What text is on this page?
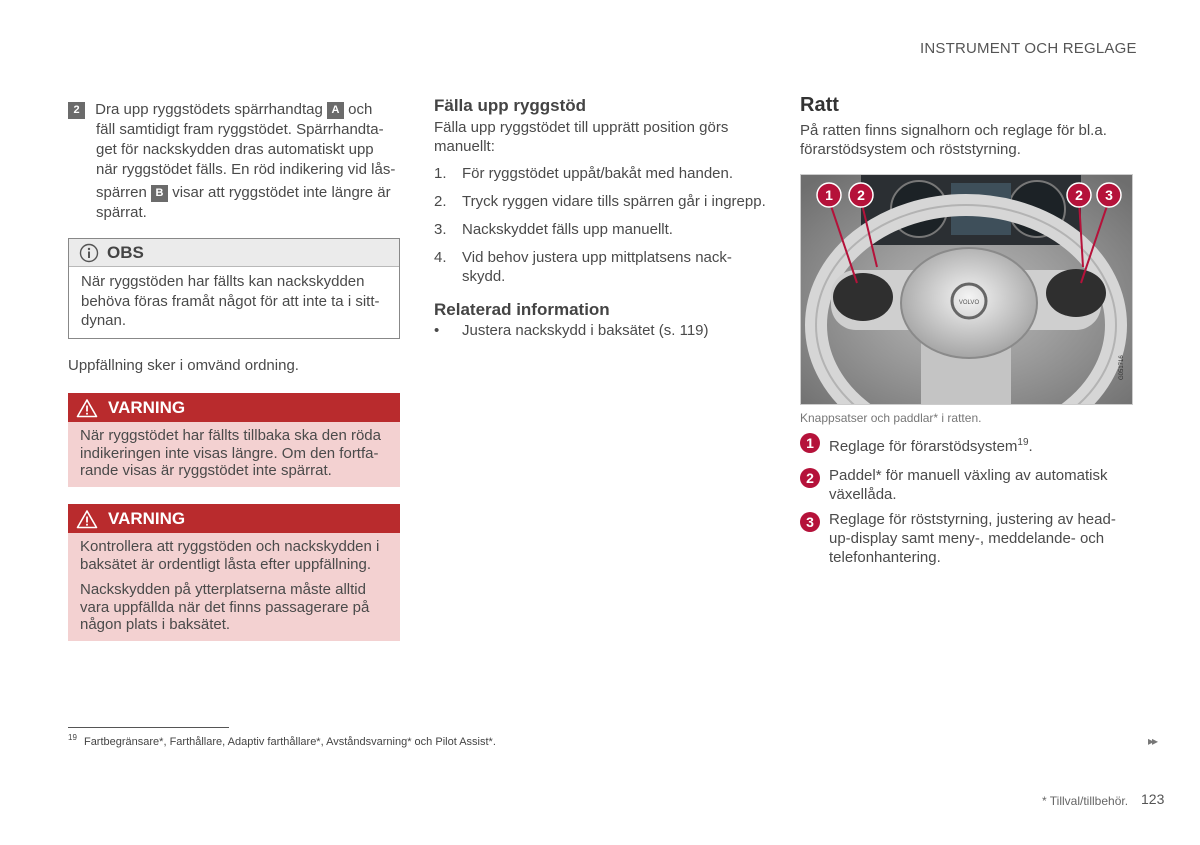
INSTRUMENT OCH REGLAGE
2 Dra upp ryggstödets spärrhandtag A och
fäll samtidigt fram ryggstödet. Spärrhandta-
get för nackskydden dras automatiskt upp
när ryggstödet fälls. En röd indikering vid lås-
spärren B visar att ryggstödet inte längre är
spärrat.
OBS
När ryggstöden har fällts kan nackskydden behöva föras framåt något för att inte ta i sitt-dynan.
Uppfällning sker i omvänd ordning.
VARNING

När ryggstödet har fällts tillbaka ska den röda indikeringen inte visas längre. Om den fortfa-rande visas är ryggstödet inte spärrat.

VARNING

Kontrollera att ryggstöden och nackskydden i baksätet är ordentligt låsta efter uppfällning.

Nackskydden på ytterplatserna måste alltid vara uppfällda när det finns passagerare på någon plats i baksätet.

Fälla upp ryggstöd
Fälla upp ryggstödet till upprätt position görs
manuellt:
1.	För ryggstödet uppåt/bakåt med handen.
2.	Tryck ryggen vidare tills spärren går i ingrepp.
3.	Nackskyddet fälls upp manuellt.
4.	Vid behov justera upp mittplatsens nack-
skydd.
Relaterad information
•	Justera nackskydd i baksätet (s. 119)
Ratt
På ratten finns signalhorn och reglage för bl.a.
förarstödsystem och röststyrning.
75
VOLVO
1 2	2 3
G051716
Knappsatser och paddlar* i ratten.
1	Reglage för förarstödsystem$^{19}$.
2	Paddel* för manuell växling av automatisk
växellåda.
3	Reglage för röststyrning, justering av head-
up-display samt meny-, meddelande- och
telefonhantering.
$^{19}$ Fartbegränsare*, Farthållare, Adaptiv farthållare*, Avståndsvarning* och Pilot Assist*.	▸▸
* Tillval/tillbehör. 123
